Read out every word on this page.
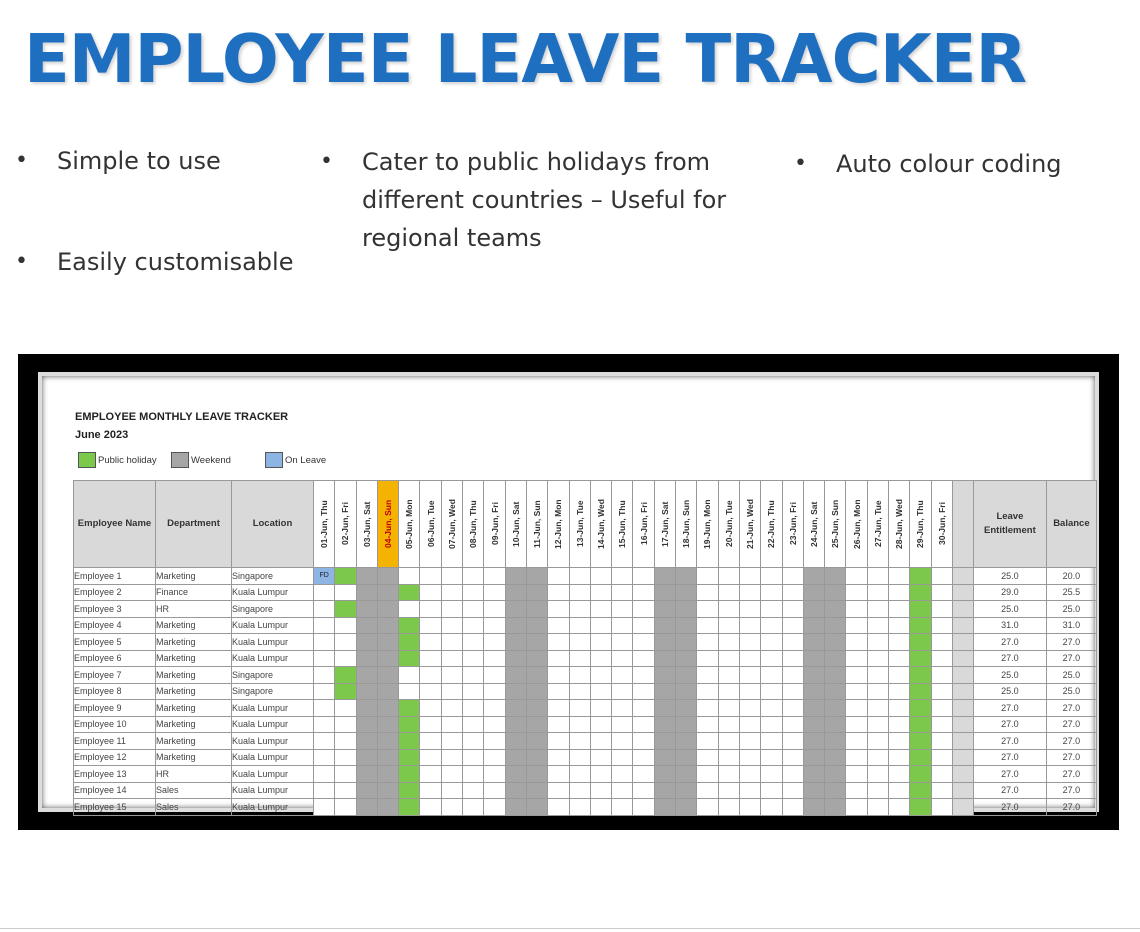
EMPLOYEE LEAVE TRACKER
• Simple to use
• Easily customisable
• Cater to public holidays from
different countries – Useful for
regional teams
• Auto colour coding
EMPLOYEE MONTHLY LEAVE TRACKER
June 2023
Public holiday	Weekend	On Leave
Employee Name	Department	Location	01-Jun, Thu	02-Jun, Fri	03-Jun, Sat	04-Jun, Sun	05-Jun, Mon	06-Jun, Tue	07-Jun, Wed	08-Jun, Thu	09-Jun, Fri	10-Jun, Sat	11-Jun, Sun	12-Jun, Mon	13-Jun, Tue	14-Jun, Wed	15-Jun, Thu	16-Jun, Fri	17-Jun, Sat	18-Jun, Sun	19-Jun, Mon	20-Jun, Tue	21-Jun, Wed	22-Jun, Thu	23-Jun, Fri	24-Jun, Sat	25-Jun, Sun	26-Jun, Mon	27-Jun, Tue	28-Jun, Wed	29-Jun, Thu	30-Jun, Fri		Leave Entitlement	Balance
Employee 1	Marketing	Singapore	FD																															25.0	20.0
Employee 2	Finance	Kuala Lumpur																																29.0	25.5
Employee 3	HR	Singapore																																25.0	25.0
Employee 4	Marketing	Kuala Lumpur																																31.0	31.0
Employee 5	Marketing	Kuala Lumpur																																27.0	27.0
Employee 6	Marketing	Kuala Lumpur																																27.0	27.0
Employee 7	Marketing	Singapore																																25.0	25.0
Employee 8	Marketing	Singapore																																25.0	25.0
Employee 9	Marketing	Kuala Lumpur																																27.0	27.0
Employee 10	Marketing	Kuala Lumpur																																27.0	27.0
Employee 11	Marketing	Kuala Lumpur																																27.0	27.0
Employee 12	Marketing	Kuala Lumpur																																27.0	27.0
Employee 13	HR	Kuala Lumpur																																27.0	27.0
Employee 14	Sales	Kuala Lumpur																																27.0	27.0
Employee 15	Sales	Kuala Lumpur																																27.0	27.0
